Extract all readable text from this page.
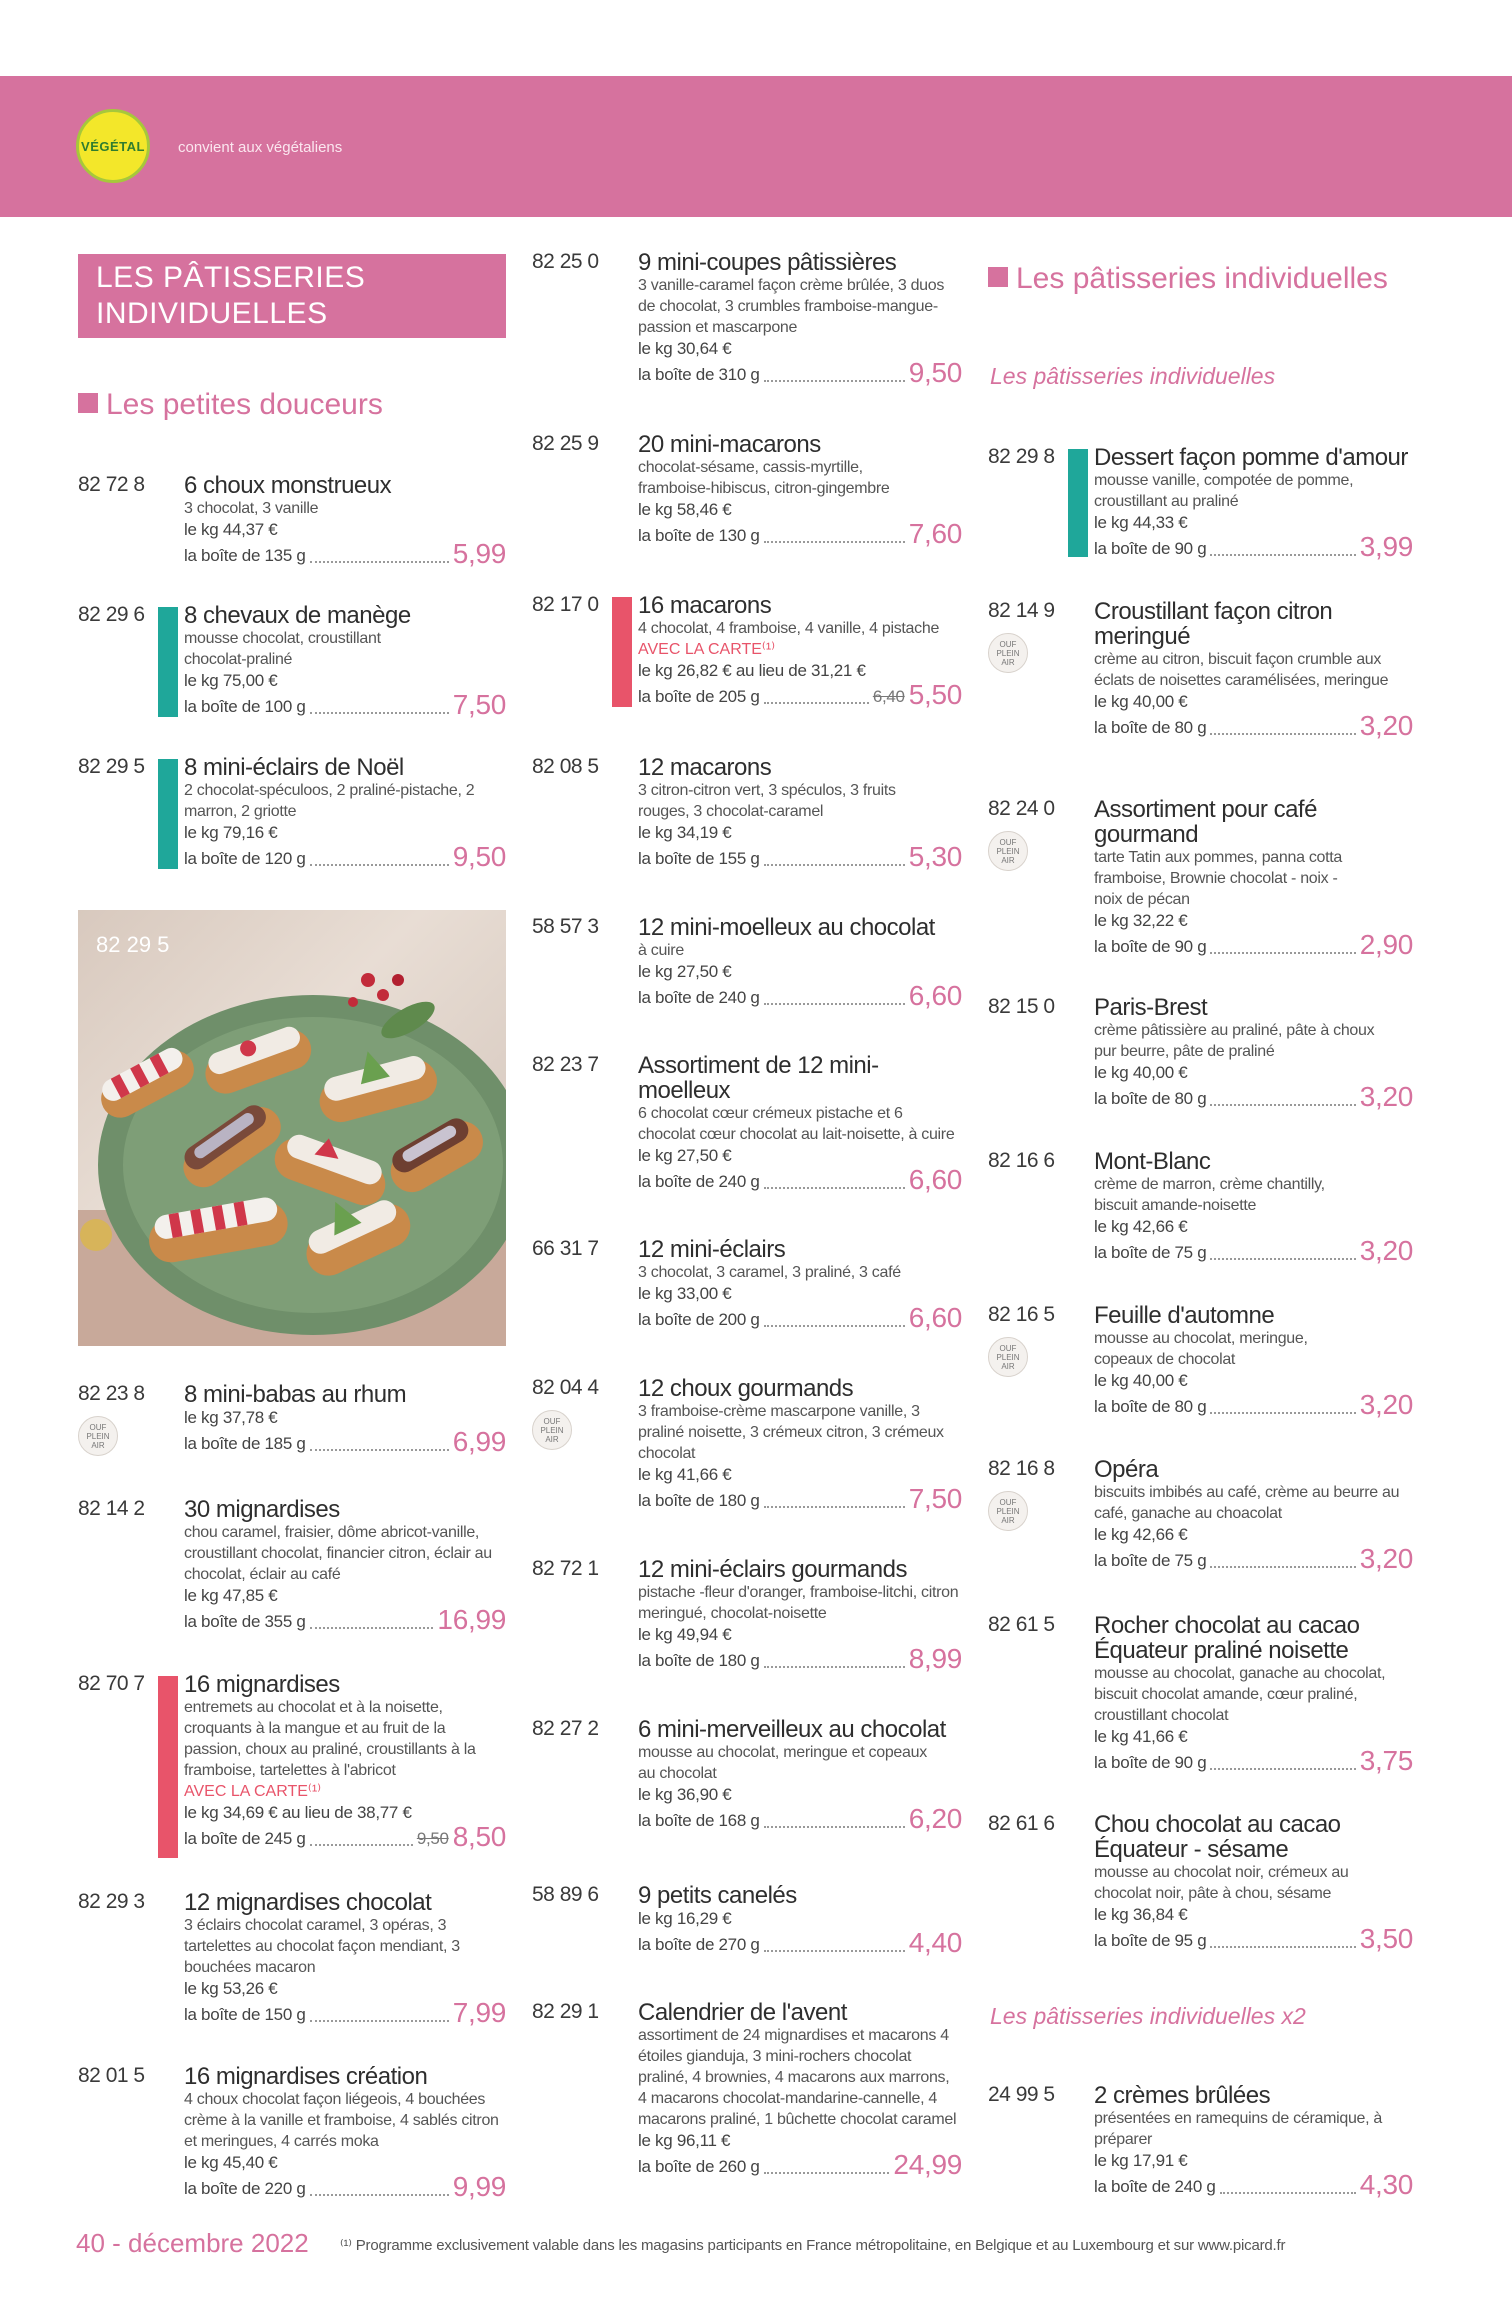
VÉGÉTAL	convient aux végétaliens
LES PÂTISSERIES INDIVIDUELLES
Les petites douceurs
82 72 8 6 choux monstrueux
3 chocolat, 3 vanille
le kg 44,37 €
la boîte de 135 g	5,99
82 29 6 8 chevaux de manège
mousse chocolat, croustillant chocolat-praliné
le kg 75,00 €
la boîte de 100 g	7,50
82 29 5 8 mini-éclairs de Noël
2 chocolat-spéculoos, 2 praliné-pistache, 2 marron, 2 griotte
le kg 79,16 €
la boîte de 120 g	9,50
82 29 5
82 23 8
OUF PLEIN AIR
8 mini-babas au rhum
le kg 37,78 €
la boîte de 185 g	6,99
82 14 2 30 mignardises
chou caramel, fraisier, dôme abricot-vanille, croustillant chocolat, financier citron, éclair au chocolat, éclair au café
le kg 47,85 €
la boîte de 355 g	16,99
82 70 7 16 mignardises
entremets au chocolat et à la noisette, croquants à la mangue et au fruit de la passion, choux au praliné, croustillants à la framboise, tartelettes à l'abricot
AVEC LA CARTE⁽¹⁾
le kg 34,69 € au lieu de 38,77 €
la boîte de 245 g	9,50 8,50
82 29 3 12 mignardises chocolat
3 éclairs chocolat caramel, 3 opéras, 3 tartelettes au chocolat façon mendiant, 3 bouchées macaron
le kg 53,26 €
la boîte de 150 g	7,99
82 01 5 16 mignardises création
4 choux chocolat façon liégeois, 4 bouchées crème à la vanille et framboise, 4 sablés citron et meringues, 4 carrés moka
le kg 45,40 €
la boîte de 220 g	9,99
82 25 0 9 mini-coupes pâtissières
3 vanille-caramel façon crème brûlée, 3 duos de chocolat, 3 crumbles framboise-mangue-passion et mascarpone
le kg 30,64 €
la boîte de 310 g	9,50
82 25 9 20 mini-macarons
chocolat-sésame, cassis-myrtille, framboise-hibiscus, citron-gingembre
le kg 58,46 €
la boîte de 130 g	7,60
82 17 0 16 macarons
4 chocolat, 4 framboise, 4 vanille, 4 pistache
AVEC LA CARTE⁽¹⁾
le kg 26,82 € au lieu de 31,21 €
la boîte de 205 g	6,40 5,50
82 08 5 12 macarons
3 citron-citron vert, 3 spéculos, 3 fruits rouges, 3 chocolat-caramel
le kg 34,19 €
la boîte de 155 g	5,30
58 57 3 12 mini-moelleux au chocolat
à cuire
le kg 27,50 €
la boîte de 240 g	6,60
82 23 7 Assortiment de 12 mini-moelleux
6 chocolat cœur crémeux pistache et 6 chocolat cœur chocolat au lait-noisette, à cuire
le kg 27,50 €
la boîte de 240 g	6,60
66 31 7 12 mini-éclairs
3 chocolat, 3 caramel, 3 praliné, 3 café
le kg 33,00 €
la boîte de 200 g	6,60
82 04 4
OUF PLEIN AIR
12 choux gourmands
3 framboise-crème mascarpone vanille, 3 praliné noisette, 3 crémeux citron, 3 crémeux chocolat
le kg 41,66 €
la boîte de 180 g	7,50
82 72 1 12 mini-éclairs gourmands
pistache -fleur d'oranger, framboise-litchi, citron meringué, chocolat-noisette
le kg 49,94 €
la boîte de 180 g	8,99
82 27 2 6 mini-merveilleux au chocolat
mousse au chocolat, meringue et copeaux au chocolat
le kg 36,90 €
la boîte de 168 g	6,20
58 89 6 9 petits canelés
le kg 16,29 €
la boîte de 270 g	4,40
82 29 1 Calendrier de l'avent
assortiment de 24 mignardises et macarons 4 étoiles gianduja, 3 mini-rochers chocolat praliné, 4 brownies, 4 macarons aux marrons, 4 macarons chocolat-mandarine-cannelle, 4 macarons praliné, 1 bûchette chocolat caramel
le kg 96,11 €
la boîte de 260 g	24,99
Les pâtisseries individuelles
Les pâtisseries individuelles
82 29 8 Dessert façon pomme d'amour
mousse vanille, compotée de pomme, croustillant au praliné
le kg 44,33 €
la boîte de 90 g	3,99
82 14 9
OUF PLEIN AIR
Croustillant façon citron meringué
crème au citron, biscuit façon crumble aux éclats de noisettes caramélisées, meringue
le kg 40,00 €
la boîte de 80 g	3,20
82 24 0
OUF PLEIN AIR
Assortiment pour café gourmand
tarte Tatin aux pommes, panna cotta framboise, Brownie chocolat - noix - noix de pécan
le kg 32,22 €
la boîte de 90 g	2,90
82 15 0 Paris-Brest
crème pâtissière au praliné, pâte à choux pur beurre, pâte de praliné
le kg 40,00 €
la boîte de 80 g	3,20
82 16 6 Mont-Blanc
crème de marron, crème chantilly, biscuit amande-noisette
le kg 42,66 €
la boîte de 75 g	3,20
82 16 5
OUF PLEIN AIR
Feuille d'automne
mousse au chocolat, meringue, copeaux de chocolat
le kg 40,00 €
la boîte de 80 g	3,20
82 16 8
OUF PLEIN AIR
Opéra
biscuits imbibés au café, crème au beurre au café, ganache au choacolat
le kg 42,66 €
la boîte de 75 g	3,20
82 61 5 Rocher chocolat au cacao Équateur praliné noisette
mousse au chocolat, ganache au chocolat, biscuit chocolat amande, cœur praliné, croustillant chocolat
le kg 41,66 €
la boîte de 90 g	3,75
82 61 6 Chou chocolat au cacao Équateur - sésame
mousse au chocolat noir, crémeux au chocolat noir, pâte à chou, sésame
le kg 36,84 €
la boîte de 95 g	3,50
Les pâtisseries individuelles x2
24 99 5 2 crèmes brûlées
présentées en ramequins de céramique, à préparer
le kg 17,91 €
la boîte de 240 g	4,30
40 - décembre 2022 ⁽¹⁾ Programme exclusivement valable dans les magasins participants en France métropolitaine, en Belgique et au Luxembourg et sur www.picard.fr
